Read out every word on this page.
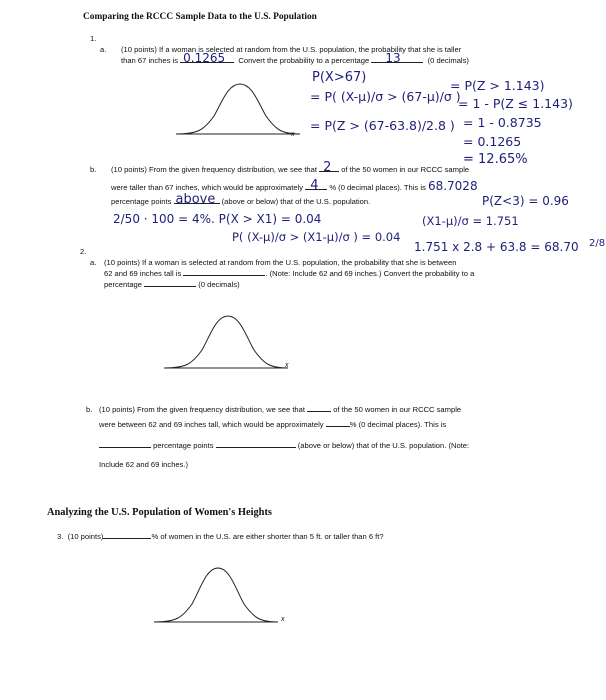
Comparing the RCCC Sample Data to the U.S. Population
1.
a. (10 points) If a woman is selected at random from the U.S. population, the probability that she is taller
than 67 inches is 0.1265 Convert the probability to a percentage 13	(0 decimals)
x
P(X>67)
= P( (X-μ)/σ > (67-μ)/σ )
= P(Z > (67-63.8)/2.8 )
= P(Z > 1.143)
= 1 - P(Z ≤ 1.143)
= 1 - 0.8735
= 0.1265
= 12.65%
b. (10 points) From the given frequency distribution, we see that 2 of the 50 women in our RCCC sample
were taller than 67 inches, which would be approximately 4 % (0 decimal places). This is 68.7028
percentage points above (above or below) that of the U.S. population.
2/50 · 100 = 4%. P(X > X1) = 0.04
P(Z<3) = 0.96
P( (X-μ)/σ > (X1-μ)/σ ) = 0.04
(X1-μ)/σ = 1.751
1.751 x 2.8 + 63.8 = 68.70 2/8
2.
a. (10 points) If a woman is selected at random from the U.S. population, the probability that she is between
62 and 69 inches tall is	. (Note: Include 62 and 69 inches.) Convert the probability to a
percentage	(0 decimals)
x
b. (10 points) From the given frequency distribution, we see that	of the 50 women in our RCCC sample
were between 62 and 69 inches tall, which would be approximately	% (0 decimal places). This is
percentage points	(above or below) that of the U.S. population. (Note:
Include 62 and 69 inches.)
Analyzing the U.S. Population of Women's Heights
3. (10 points)	% of women in the U.S. are either shorter than 5 ft. or taller than 6 ft?
x
